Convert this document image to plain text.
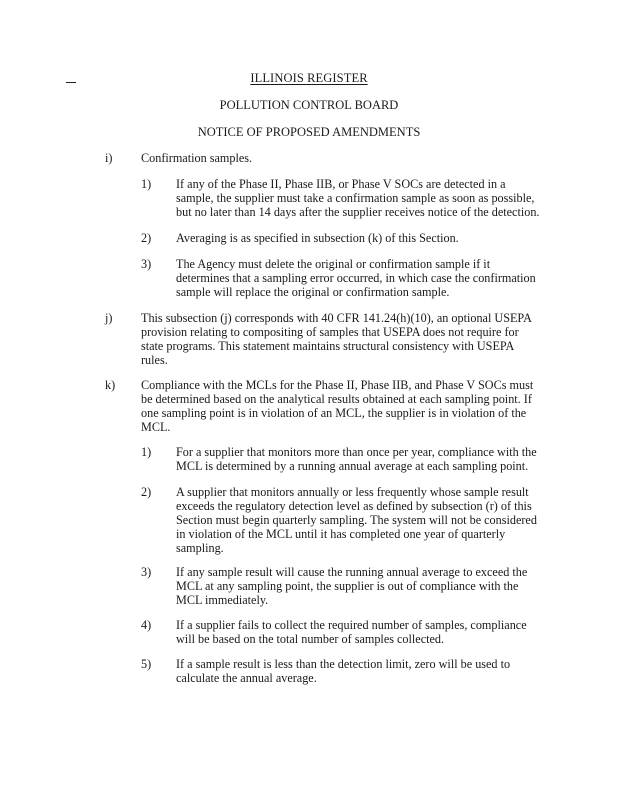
ILLINOIS REGISTER
POLLUTION CONTROL BOARD
NOTICE OF PROPOSED AMENDMENTS
i) Confirmation samples.
1) If any of the Phase II, Phase IIB, or Phase V SOCs are detected in a
sample, the supplier must take a confirmation sample as soon as possible,
but no later than 14 days after the supplier receives notice of the detection.
2) Averaging is as specified in subsection (k) of this Section.
3) The Agency must delete the original or confirmation sample if it
determines that a sampling error occurred, in which case the confirmation
sample will replace the original or confirmation sample.
j) This subsection (j) corresponds with 40 CFR 141.24(h)(10), an optional USEPA
provision relating to compositing of samples that USEPA does not require for
state programs. This statement maintains structural consistency with USEPA
rules.
k) Compliance with the MCLs for the Phase II, Phase IIB, and Phase V SOCs must
be determined based on the analytical results obtained at each sampling point. If
one sampling point is in violation of an MCL, the supplier is in violation of the
MCL.
1) For a supplier that monitors more than once per year, compliance with the
MCL is determined by a running annual average at each sampling point.
2) A supplier that monitors annually or less frequently whose sample result
exceeds the regulatory detection level as defined by subsection (r) of this
Section must begin quarterly sampling. The system will not be considered
in violation of the MCL until it has completed one year of quarterly
sampling.
3) If any sample result will cause the running annual average to exceed the
MCL at any sampling point, the supplier is out of compliance with the
MCL immediately.
4) If a supplier fails to collect the required number of samples, compliance
will be based on the total number of samples collected.
5) If a sample result is less than the detection limit, zero will be used to
calculate the annual average.
